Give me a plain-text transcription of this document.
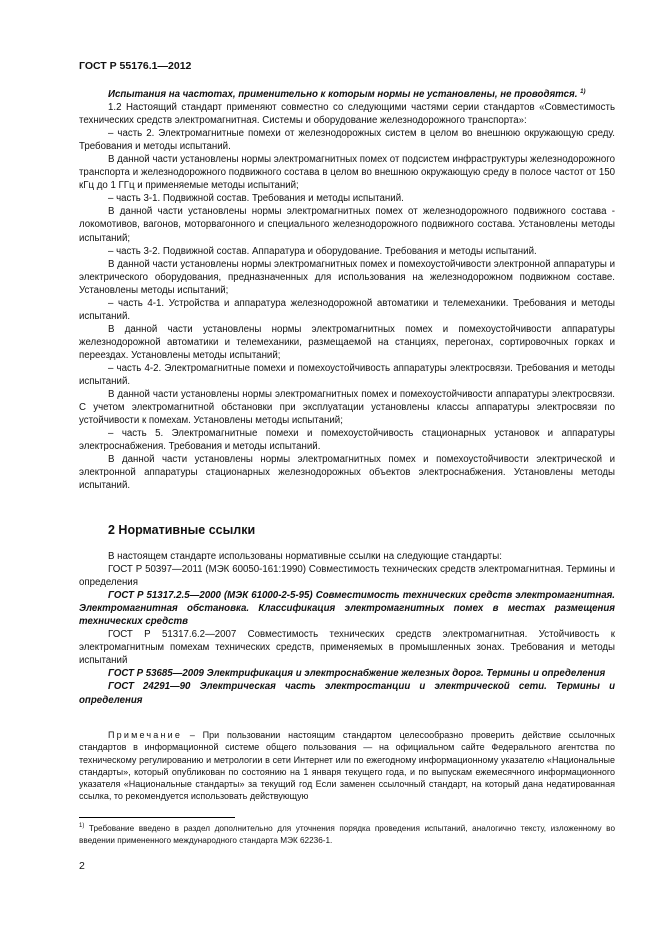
ГОСТ Р 55176.1—2012

Испытания на частотах, применительно к которым нормы не установлены, не проводятся. $^{1)}$

1.2 Настоящий стандарт применяют совместно со следующими частями серии стандартов «Совместимость технических средств электромагнитная. Системы и оборудование железнодорожного транспорта»:

– часть 2. Электромагнитные помехи от железнодорожных систем в целом во внешнюю окружающую среду. Требования и методы испытаний.

В данной части установлены нормы электромагнитных помех от подсистем инфраструктуры железнодорожного транспорта и железнодорожного подвижного состава в целом во внешнюю окружающую среду в полосе частот от 150 кГц до 1 ГГц и применяемые методы испытаний;

– часть 3-1. Подвижной состав. Требования и методы испытаний.

В данной части установлены нормы электромагнитных помех от железнодорожного подвижного состава - локомотивов, вагонов, моторвагонного и специального железнодорожного подвижного состава. Установлены методы испытаний;

– часть 3-2. Подвижной состав. Аппаратура и оборудование. Требования и методы испытаний.

В данной части установлены нормы электромагнитных помех и помехоустойчивости электронной аппаратуры и электрического оборудования, предназначенных для использования на железнодорожном подвижном составе. Установлены методы испытаний;

– часть 4-1. Устройства и аппаратура железнодорожной автоматики и телемеханики. Требования и методы испытаний.

В данной части установлены нормы электромагнитных помех и помехоустойчивости аппаратуры железнодорожной автоматики и телемеханики, размещаемой на станциях, перегонах, сортировочных горках и переездах. Установлены методы испытаний;

– часть 4-2. Электромагнитные помехи и помехоустойчивость аппаратуры электросвязи. Требования и методы испытаний.

В данной части установлены нормы электромагнитных помех и помехоустойчивости аппаратуры электросвязи. С учетом электромагнитной обстановки при эксплуатации установлены классы аппаратуры электросвязи по устойчивости к помехам. Установлены методы испытаний;

– часть 5. Электромагнитные помехи и помехоустойчивость стационарных установок и аппаратуры электроснабжения. Требования и методы испытаний.

В данной части установлены нормы электромагнитных помех и помехоустойчивости электрической и электронной аппаратуры стационарных железнодорожных объектов электроснабжения. Установлены методы испытаний.

2 Нормативные ссылки

В настоящем стандарте использованы нормативные ссылки на следующие стандарты:

ГОСТ Р 50397—2011 (МЭК 60050-161:1990) Совместимость технических средств электромагнитная. Термины и определения

ГОСТ Р 51317.2.5—2000 (МЭК 61000-2-5-95) Совместимость технических средств электромагнитная. Электромагнитная обстановка. Классификация электромагнитных помех в местах размещения технических средств

ГОСТ Р 51317.6.2—2007 Совместимость технических средств электромагнитная. Устойчивость к электромагнитным помехам технических средств, применяемых в промышленных зонах. Требования и методы испытаний

ГОСТ Р 53685—2009 Электрификация и электроснабжение железных дорог. Термины и определения

ГОСТ 24291—90 Электрическая часть электростанции и электрической сети. Термины и определения

Примечание – При пользовании настоящим стандартом целесообразно проверить действие ссылочных стандартов в информационной системе общего пользования — на официальном сайте Федерального агентства по техническому регулированию и метрологии в сети Интернет или по ежегодному информационному указателю «Национальные стандарты», который опубликован по состоянию на 1 января текущего года, и по выпускам ежемесячного информационного указателя «Национальные стандарты» за текущий год Если заменен ссылочный стандарт, на который дана недатированная ссылка, то рекомендуется использовать действующую

$^{1)}$ Требование введено в раздел дополнительно для уточнения порядка проведения испытаний, аналогично тексту, изложенному во введении примененного международного стандарта МЭК 62236-1.
2
